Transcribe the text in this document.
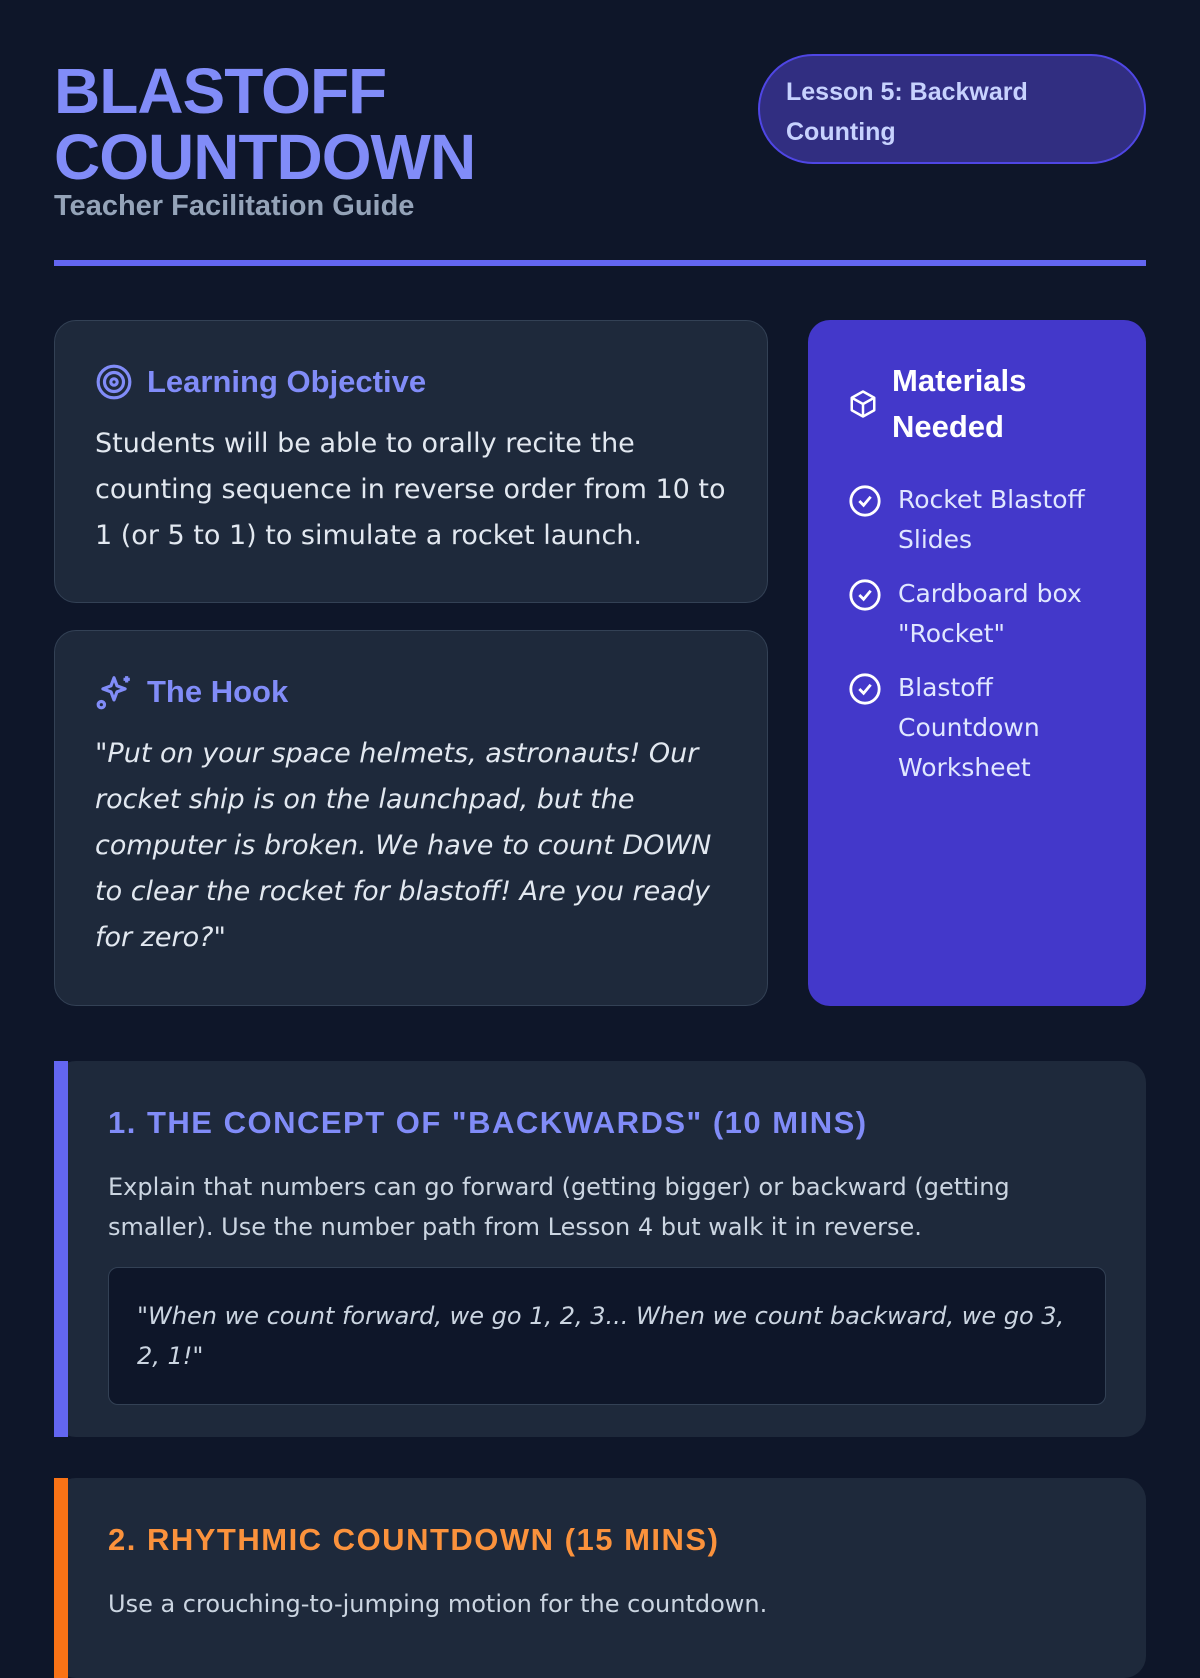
BLASTOFF
COUNTDOWN
Teacher Facilitation Guide
Lesson 5: Backward Counting
Learning Objective
Students will be able to orally recite the counting sequence in reverse order from 10 to 1 (or 5 to 1) to simulate a rocket launch.
The Hook
"Put on your space helmets, astronauts! Our rocket ship is on the launchpad, but the computer is broken. We have to count DOWN to clear the rocket for blastoff! Are you ready for zero?"
Materials Needed
Rocket Blastoff Slides
Cardboard box "Rocket"
Blastoff Countdown Worksheet
1. THE CONCEPT OF "BACKWARDS" (10 MINS)
Explain that numbers can go forward (getting bigger) or backward (getting smaller). Use the number path from Lesson 4 but walk it in reverse.
"When we count forward, we go 1, 2, 3... When we count backward, we go 3, 2, 1!"
2. RHYTHMIC COUNTDOWN (15 MINS)
Use a crouching-to-jumping motion for the countdown.
